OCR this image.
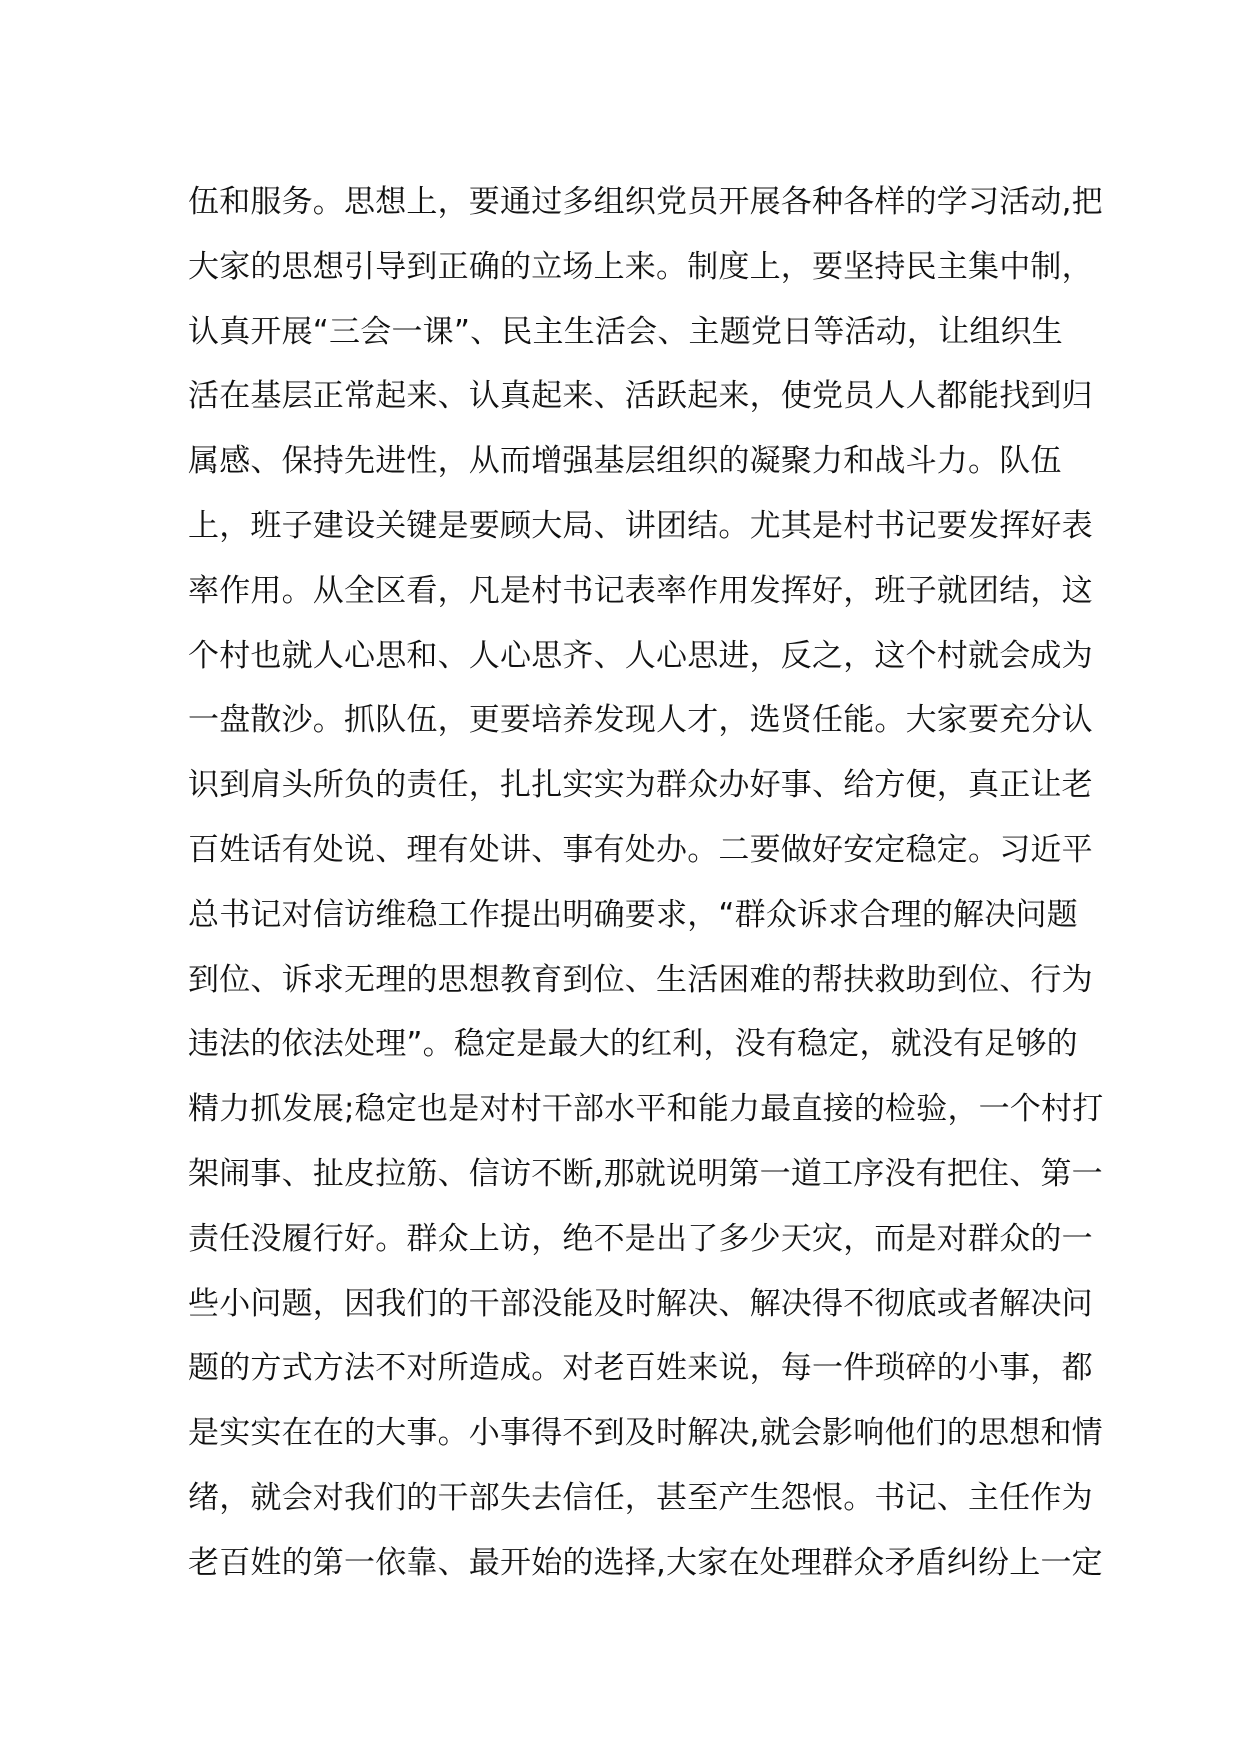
伍和服务。思想上，要通过多组织党员开展各种各样的学习活动,把
大家的思想引导到正确的立场上来。制度上，要坚持民主集中制，
认真开展“三会一课”、民主生活会、主题党日等活动，让组织生
活在基层正常起来、认真起来、活跃起来，使党员人人都能找到归
属感、保持先进性，从而增强基层组织的凝聚力和战斗力。队伍
上，班子建设关键是要顾大局、讲团结。尤其是村书记要发挥好表
率作用。从全区看，凡是村书记表率作用发挥好，班子就团结，这
个村也就人心思和、人心思齐、人心思进，反之，这个村就会成为
一盘散沙。抓队伍，更要培养发现人才，选贤任能。大家要充分认
识到肩头所负的责任，扎扎实实为群众办好事、给方便，真正让老
百姓话有处说、理有处讲、事有处办。二要做好安定稳定。习近平
总书记对信访维稳工作提出明确要求，“群众诉求合理的解决问题
到位、诉求无理的思想教育到位、生活困难的帮扶救助到位、行为
违法的依法处理”。稳定是最大的红利，没有稳定，就没有足够的
精力抓发展;稳定也是对村干部水平和能力最直接的检验，一个村打
架闹事、扯皮拉筋、信访不断,那就说明第一道工序没有把住、第一
责任没履行好。群众上访，绝不是出了多少天灾，而是对群众的一
些小问题，因我们的干部没能及时解决、解决得不彻底或者解决问
题的方式方法不对所造成。对老百姓来说，每一件琐碎的小事，都
是实实在在的大事。小事得不到及时解决,就会影响他们的思想和情
绪，就会对我们的干部失去信任，甚至产生怨恨。书记、主任作为
老百姓的第一依靠、最开始的选择,大家在处理群众矛盾纠纷上一定
